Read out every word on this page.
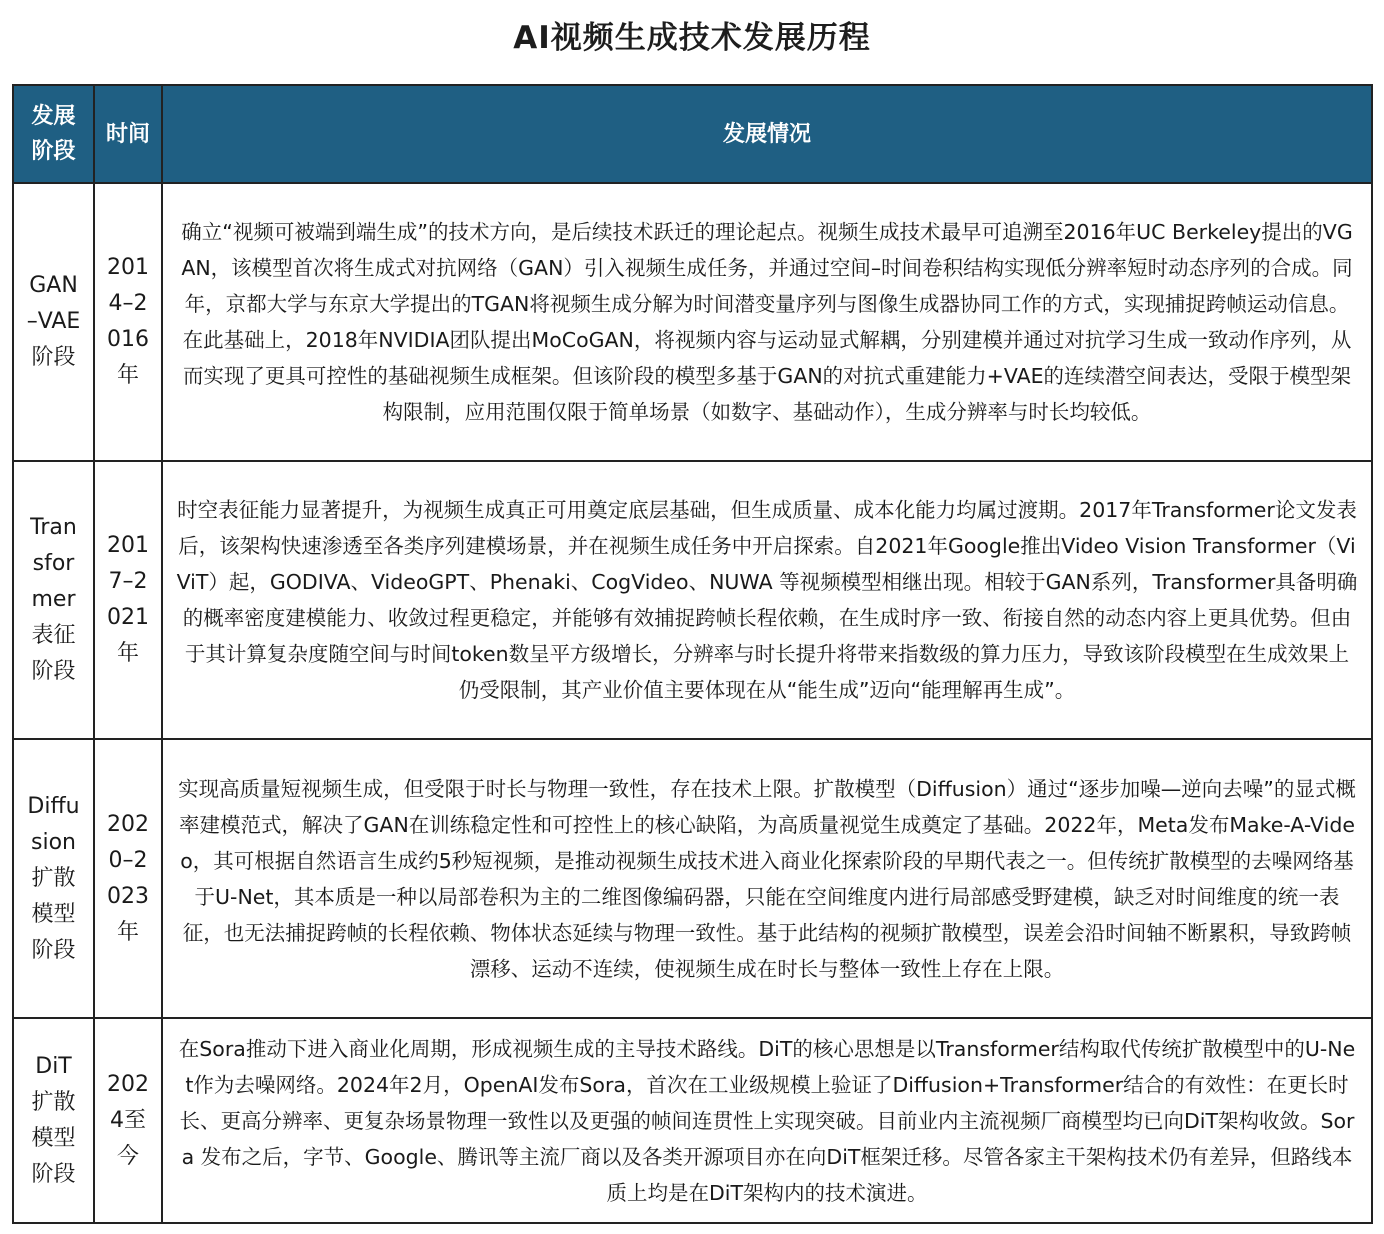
AI视频生成技术发展历程
发展阶段	时间	发展情况
GAN–VAE阶段	2014–2016年	确立“视频可被端到端生成”的技术方向，是后续技术跃迁的理论起点。视频生成技术最早可追溯至2016年UC Berkeley提出的VGAN，该模型首次将生成式对抗网络（GAN）引入视频生成任务，并通过空间–时间卷积结构实现低分辨率短时动态序列的合成。同年，京都大学与东京大学提出的TGAN将视频生成分解为时间潜变量序列与图像生成器协同工作的方式，实现捕捉跨帧运动信息。在此基础上，2018年NVIDIA团队提出MoCoGAN，将视频内容与运动显式解耦，分别建模并通过对抗学习生成一致动作序列，从而实现了更具可控性的基础视频生成框架。但该阶段的模型多基于GAN的对抗式重建能力+VAE的连续潜空间表达，受限于模型架构限制，应用范围仅限于简单场景（如数字、基础动作），生成分辨率与时长均较低。
Transformer表征阶段	2017–2021年	时空表征能力显著提升，为视频生成真正可用奠定底层基础，但生成质量、成本化能力均属过渡期。2017年Transformer论文发表后，该架构快速渗透至各类序列建模场景，并在视频生成任务中开启探索。自2021年Google推出Video Vision Transformer（ViViT）起，GODIVA、VideoGPT、Phenaki、CogVideo、NUWA 等视频模型相继出现。相较于GAN系列，Transformer具备明确的概率密度建模能力、收敛过程更稳定，并能够有效捕捉跨帧长程依赖，在生成时序一致、衔接自然的动态内容上更具优势。但由于其计算复杂度随空间与时间token数呈平方级增长，分辨率与时长提升将带来指数级的算力压力，导致该阶段模型在生成效果上仍受限制，其产业价值主要体现在从“能生成”迈向“能理解再生成”。
Diffusion扩散模型阶段	2020–2023年	实现高质量短视频生成，但受限于时长与物理一致性，存在技术上限。扩散模型（Diffusion）通过“逐步加噪—逆向去噪”的显式概率建模范式，解决了GAN在训练稳定性和可控性上的核心缺陷，为高质量视觉生成奠定了基础。2022年，Meta发布Make-A-Video，其可根据自然语言生成约5秒短视频，是推动视频生成技术进入商业化探索阶段的早期代表之一。但传统扩散模型的去噪网络基于U-Net，其本质是一种以局部卷积为主的二维图像编码器，只能在空间维度内进行局部感受野建模，缺乏对时间维度的统一表征，也无法捕捉跨帧的长程依赖、物体状态延续与物理一致性。基于此结构的视频扩散模型，误差会沿时间轴不断累积，导致跨帧漂移、运动不连续，使视频生成在时长与整体一致性上存在上限。
DiT扩散模型阶段	2024至今	在Sora推动下进入商业化周期，形成视频生成的主导技术路线。DiT的核心思想是以Transformer结构取代传统扩散模型中的U-Net作为去噪网络。2024年2月，OpenAI发布Sora，首次在工业级规模上验证了Diffusion+Transformer结合的有效性：在更长时长、更高分辨率、更复杂场景物理一致性以及更强的帧间连贯性上实现突破。目前业内主流视频厂商模型均已向DiT架构收敛。Sora 发布之后，字节、Google、腾讯等主流厂商以及各类开源项目亦在向DiT框架迁移。尽管各家主干架构技术仍有差异，但路线本质上均是在DiT架构内的技术演进。
